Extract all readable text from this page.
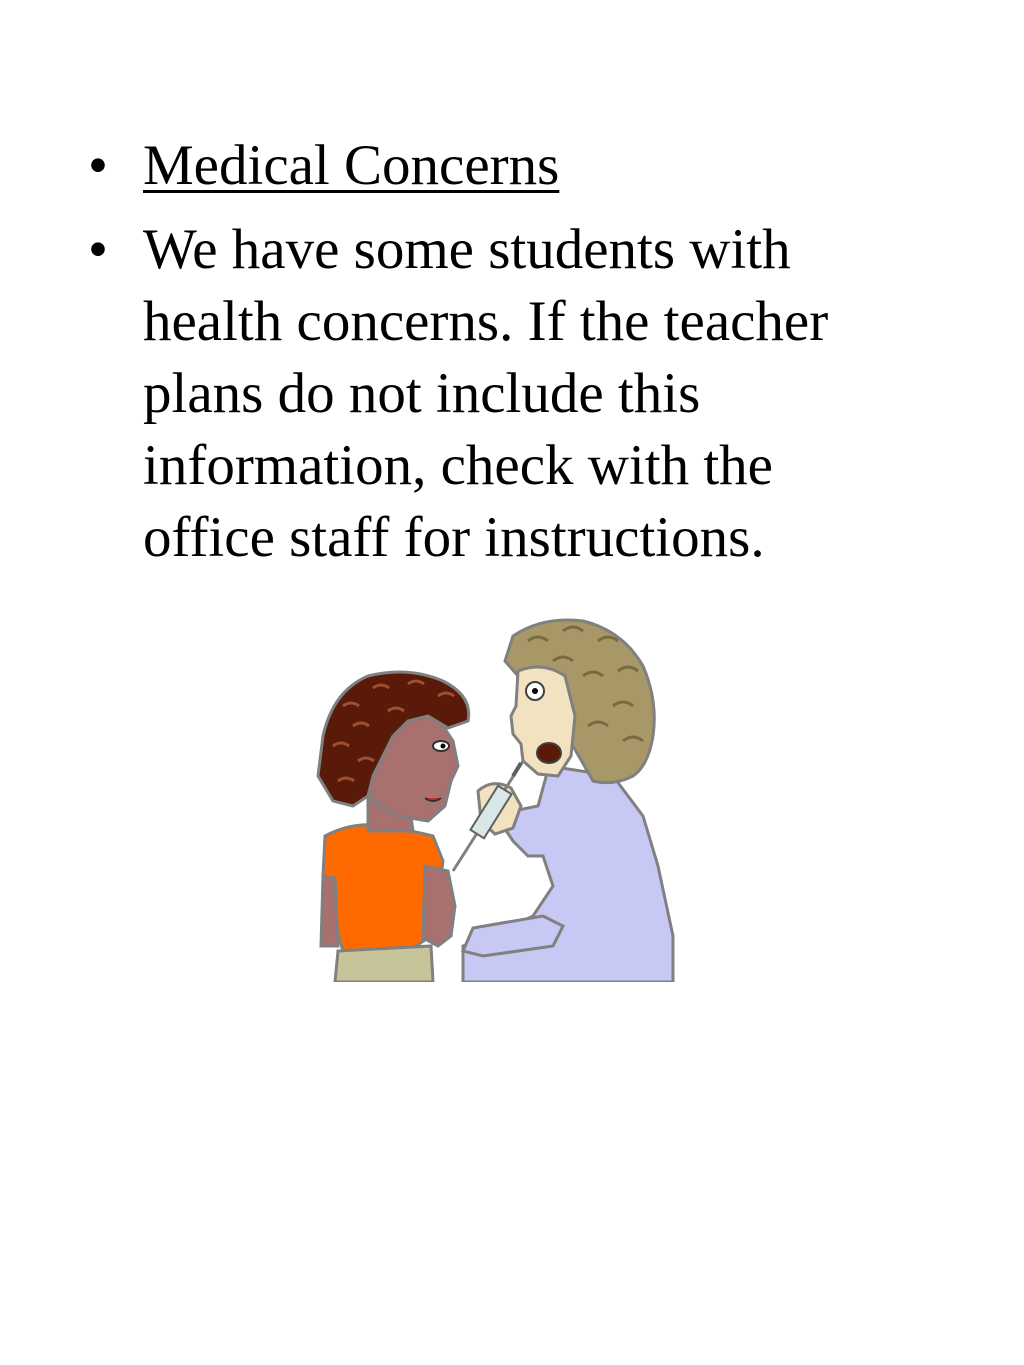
• Medical Concerns
• We have some students with
health concerns. If the teacher
plans do not include this
information, check with the
office staff for instructions.
